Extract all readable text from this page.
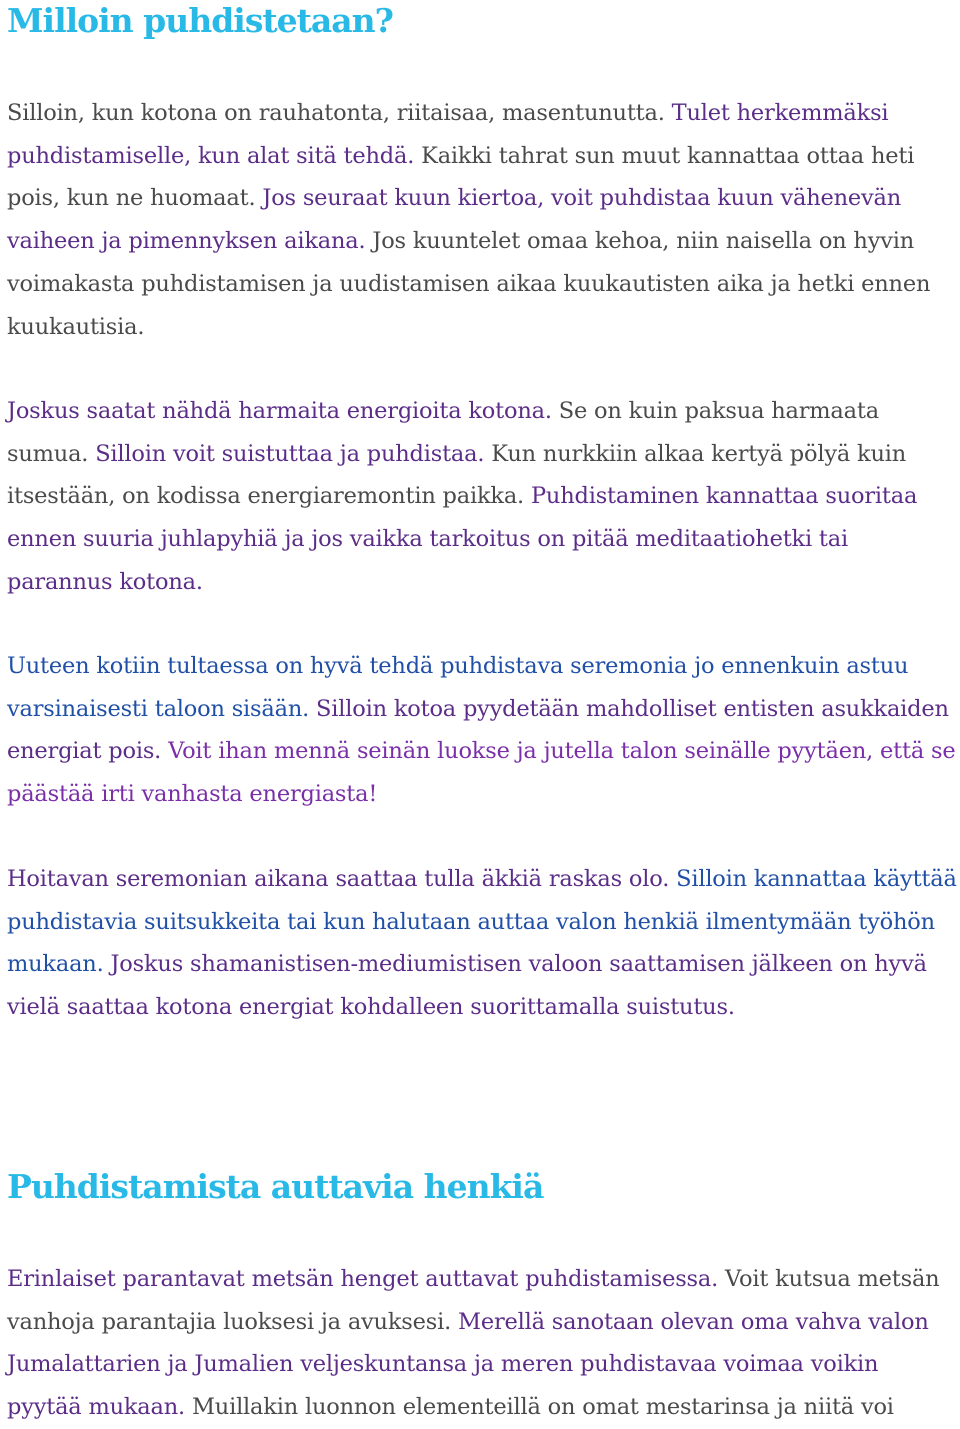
Milloin puhdistetaan?

Silloin, kun kotona on rauhatonta, riitaisaa, masentunutta. Tulet herkemmäksi
puhdistamiselle, kun alat sitä tehdä. Kaikki tahrat sun muut kannattaa ottaa heti
pois, kun ne huomaat. Jos seuraat kuun kiertoa, voit puhdistaa kuun vähenevän
vaiheen ja pimennyksen aikana. Jos kuuntelet omaa kehoa, niin naisella on hyvin
voimakasta puhdistamisen ja uudistamisen aikaa kuukautisten aika ja hetki ennen
kuukautisia.

Joskus saatat nähdä harmaita energioita kotona. Se on kuin paksua harmaata
sumua. Silloin voit suistuttaa ja puhdistaa. Kun nurkkiin alkaa kertyä pölyä kuin
itsestään, on kodissa energiaremontin paikka. Puhdistaminen kannattaa suoritaa
ennen suuria juhlapyhiä ja jos vaikka tarkoitus on pitää meditaatiohetki tai
parannus kotona.

Uuteen kotiin tultaessa on hyvä tehdä puhdistava seremonia jo ennenkuin astuu
varsinaisesti taloon sisään. Silloin kotoa pyydetään mahdolliset entisten asukkaiden
energiat pois. Voit ihan mennä seinän luokse ja jutella talon seinälle pyytäen, että se
päästää irti vanhasta energiasta!

Hoitavan seremonian aikana saattaa tulla äkkiä raskas olo. Silloin kannattaa käyttää
puhdistavia suitsukkeita tai kun halutaan auttaa valon henkiä ilmentymään työhön
mukaan. Joskus shamanistisen-mediumistisen valoon saattamisen jälkeen on hyvä
vielä saattaa kotona energiat kohdalleen suorittamalla suistutus.

Puhdistamista auttavia henkiä

Erinlaiset parantavat metsän henget auttavat puhdistamisessa. Voit kutsua metsän
vanhoja parantajia luoksesi ja avuksesi. Merellä sanotaan olevan oma vahva valon
Jumalattarien ja Jumalien veljeskuntansa ja meren puhdistavaa voimaa voikin
pyytää mukaan. Muillakin luonnon elementeillä on omat mestarinsa ja niitä voi
